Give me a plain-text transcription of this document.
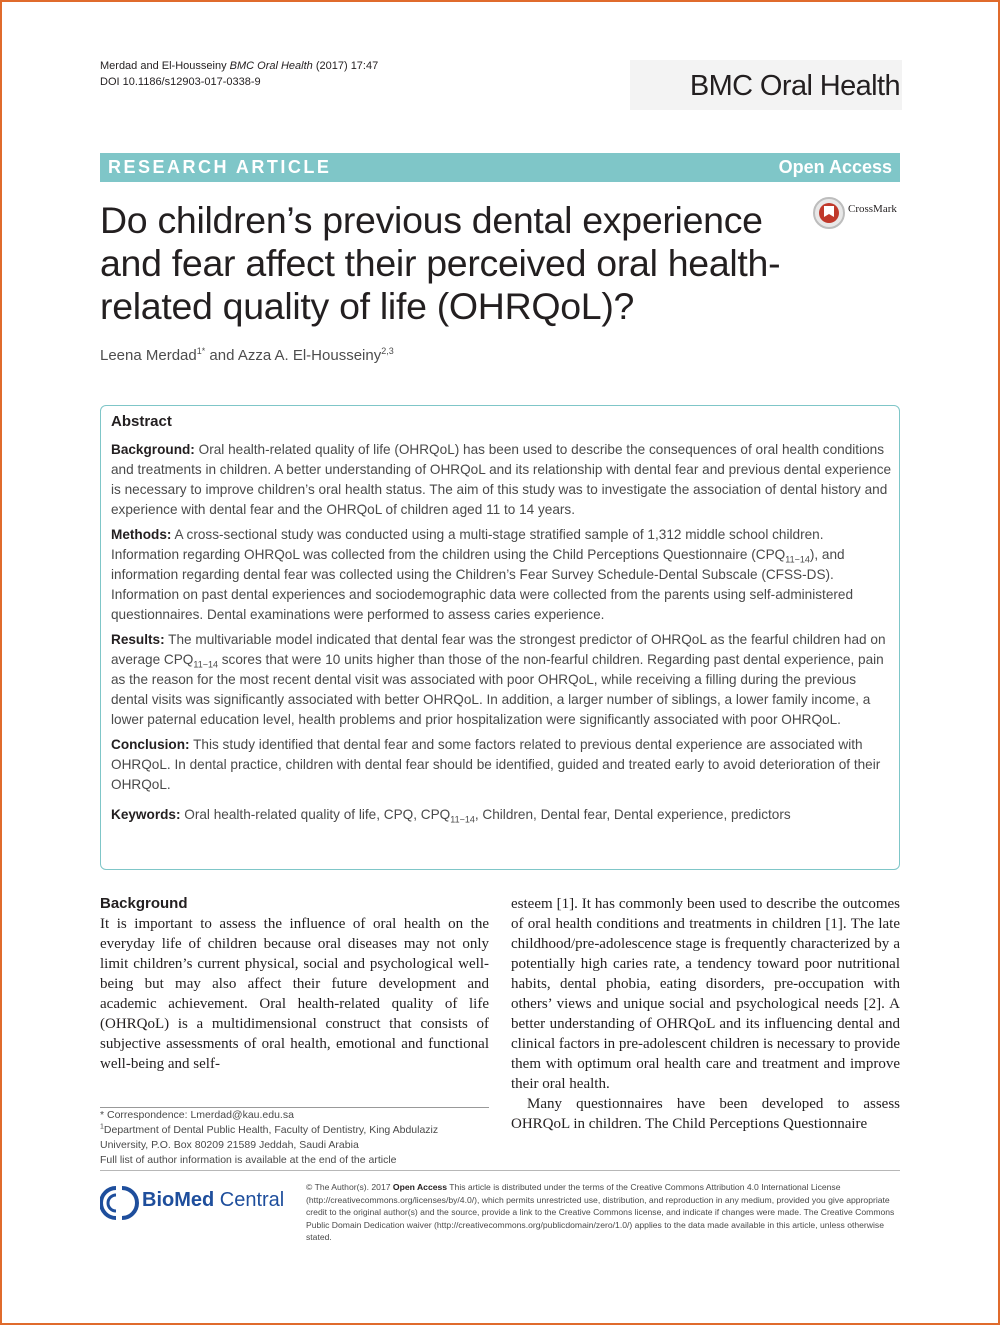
Merdad and El-Housseiny BMC Oral Health (2017) 17:47
DOI 10.1186/s12903-017-0338-9	BMC Oral Health
RESEARCH ARTICLE	Open Access
Do children’s previous dental experience and fear affect their perceived oral health-related quality of life (OHRQoL)?
CrossMark
Leena Merdad$^{1*}$ and Azza A. El-Housseiny$^{2,3}$
Abstract

Background: Oral health-related quality of life (OHRQoL) has been used to describe the consequences of oral health conditions and treatments in children. A better understanding of OHRQoL and its relationship with dental fear and previous dental experience is necessary to improve children’s oral health status. The aim of this study was to investigate the association of dental history and experience with dental fear and the OHRQoL of children aged 11 to 14 years.

Methods: A cross-sectional study was conducted using a multi-stage stratified sample of 1,312 middle school children. Information regarding OHRQoL was collected from the children using the Child Perceptions Questionnaire $(CPQ_{11-14})$, and information regarding dental fear was collected using the Children’s Fear Survey Schedule-Dental Subscale (CFSS-DS). Information on past dental experiences and sociodemographic data were collected from the parents using self-administered questionnaires. Dental examinations were performed to assess caries experience.

Results: The multivariable model indicated that dental fear was the strongest predictor of OHRQoL as the fearful children had on average $CPQ_{11-14}$ scores that were 10 units higher than those of the non-fearful children. Regarding past dental experience, pain as the reason for the most recent dental visit was associated with poor OHRQoL, while receiving a filling during the previous dental visits was significantly associated with better OHRQoL. In addition, a larger number of siblings, a lower family income, a lower paternal education level, health problems and prior hospitalization were significantly associated with poor OHRQoL.

Conclusion: This study identified that dental fear and some factors related to previous dental experience are associated with OHRQoL. In dental practice, children with dental fear should be identified, guided and treated early to avoid deterioration of their OHRQoL.

Keywords: Oral health-related quality of life, CPQ, $CPQ_{11-14}$, Children, Dental fear, Dental experience, predictors

Background

It is important to assess the influence of oral health on the everyday life of children because oral diseases may not only limit children’s current physical, social and psychological well-being but may also affect their future development and academic achievement. Oral health-related quality of life (OHRQoL) is a multidimensional construct that consists of subjective assessments of oral health, emotional and functional well-being and self-

esteem [1]. It has commonly been used to describe the outcomes of oral health conditions and treatments in children [1]. The late childhood/pre-adolescence stage is frequently characterized by a potentially high caries rate, a tendency toward poor nutritional habits, dental phobia, eating disorders, pre-occupation with others’ views and unique social and psychological needs [2]. A better understanding of OHRQoL and its influencing dental and clinical factors in pre-adolescent children is necessary to provide them with optimum oral health care and treatment and improve their oral health.

Many questionnaires have been developed to assess OHRQoL in children. The Child Perceptions Questionnaire

* Correspondence: Lmerdad@kau.edu.sa
$^1$Department of Dental Public Health, Faculty of Dentistry, King Abdulaziz University, P.O. Box 80209 21589 Jeddah, Saudi Arabia
Full list of author information is available at the end of the article
BioMed Central
© The Author(s). 2017 Open Access This article is distributed under the terms of the Creative Commons Attribution 4.0 International License (http://creativecommons.org/licenses/by/4.0/), which permits unrestricted use, distribution, and reproduction in any medium, provided you give appropriate credit to the original author(s) and the source, provide a link to the Creative Commons license, and indicate if changes were made. The Creative Commons Public Domain Dedication waiver (http://creativecommons.org/publicdomain/zero/1.0/) applies to the data made available in this article, unless otherwise stated.
